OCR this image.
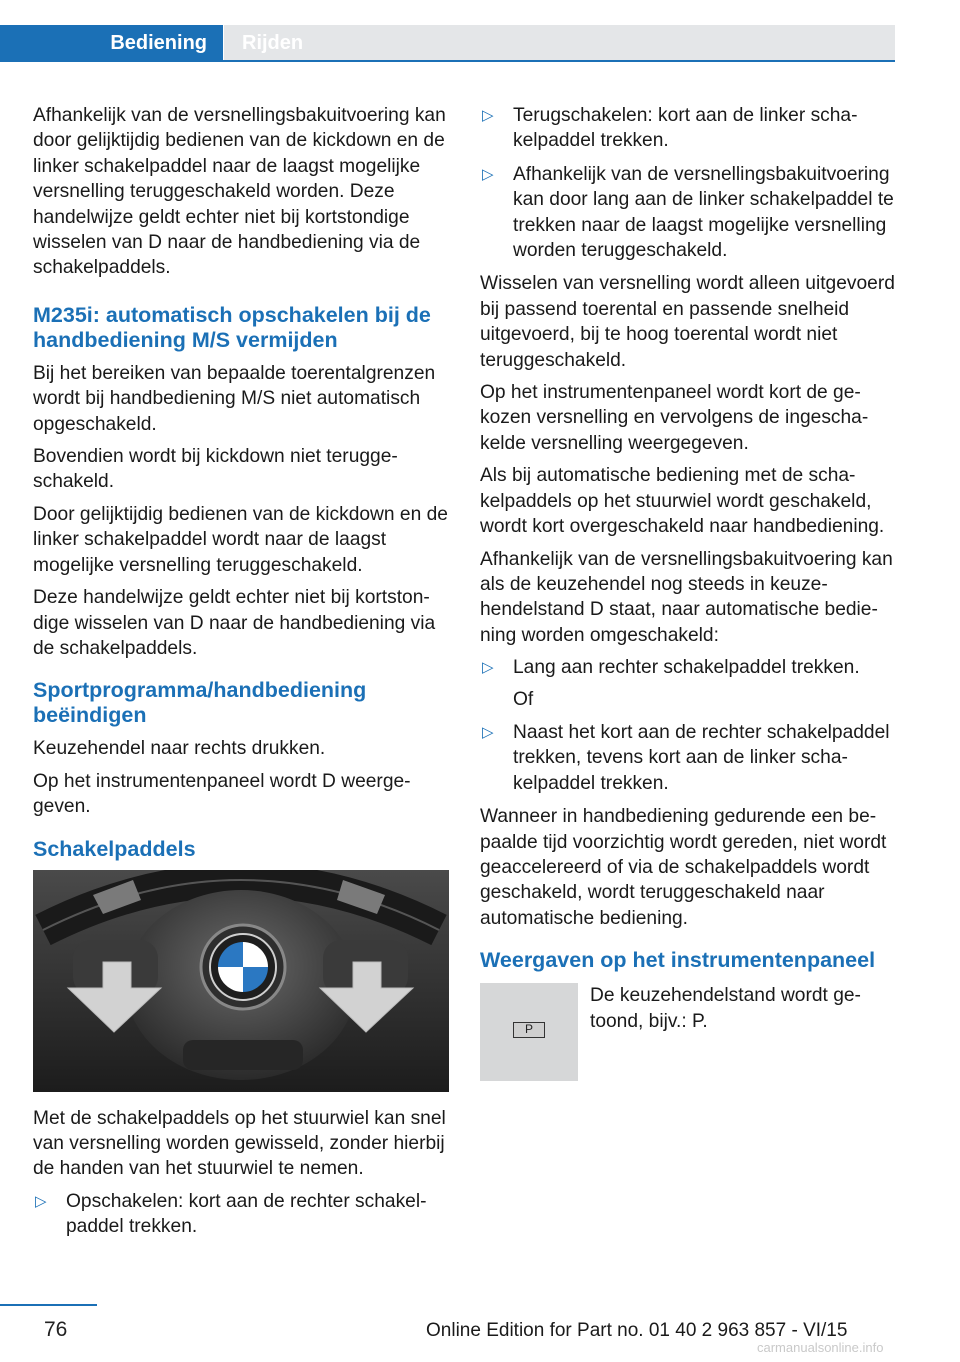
Bediening	Rijden

Afhankelijk van de versnellingsbakuitvoering kan door gelijktijdig bedienen van de kickdown en de linker schakelpaddel naar de laagst mogelijke versnelling teruggeschakeld worden. Deze handelwijze geldt echter niet bij kortstondige wisselen van D naar de handbediening via de schakelpaddels.

M235i: automatisch opschakelen bij de handbediening M/S vermijden

Bij het bereiken van bepaalde toerentalgrenzen wordt bij handbediening M/S niet automatisch opgeschakeld.

Bovendien wordt bij kickdown niet teruggeschakeld.

Door gelijktijdig bedienen van de kickdown en de linker schakelpaddel wordt naar de laagst mogelijke versnelling teruggeschakeld.

Deze handelwijze geldt echter niet bij kortstondige wisselen van D naar de handbediening via de schakelpaddels.

Sportprogramma/handbediening beëindigen

Keuzehendel naar rechts drukken.

Op het instrumentenpaneel wordt D weergegeven.

Schakelpaddels

Met de schakelpaddels op het stuurwiel kan snel van versnelling worden gewisseld, zonder hierbij de handen van het stuurwiel te nemen.

▷ Opschakelen: kort aan de rechter schakelpaddel trekken.
▷ Terugschakelen: kort aan de linker schakelpaddel trekken.
▷ Afhankelijk van de versnellingsbakuitvoering kan door lang aan de linker schakelpaddel te trekken naar de laagst mogelijke versnelling worden teruggeschakeld.

Wisselen van versnelling wordt alleen uitgevoerd bij passend toerental en passende snelheid uitgevoerd, bij te hoog toerental wordt niet teruggeschakeld.

Op het instrumentenpaneel wordt kort de gekozen versnelling en vervolgens de ingeschakelde versnelling weergegeven.

Als bij automatische bediening met de schakelpaddels op het stuurwiel wordt geschakeld, wordt kort overgeschakeld naar handbediening.

Afhankelijk van de versnellingsbakuitvoering kan als de keuzehendel nog steeds in keuzehendelstand D staat, naar automatische bediening worden omgeschakeld:

▷ Lang aan rechter schakelpaddel trekken.
Of
▷ Naast het kort aan de rechter schakelpaddel trekken, tevens kort aan de linker schakelpaddel trekken.

Wanneer in handbediening gedurende een bepaalde tijd voorzichtig wordt gereden, niet wordt geaccelereerd of via de schakelpaddels wordt geschakeld, wordt teruggeschakeld naar automatische bediening.

Weergaven op het instrumentenpaneel
P
De keuzehendelstand wordt getoond, bijv.: P.
76	Online Edition for Part no. 01 40 2 963 857 - VI/15
carmanualsonline.info
